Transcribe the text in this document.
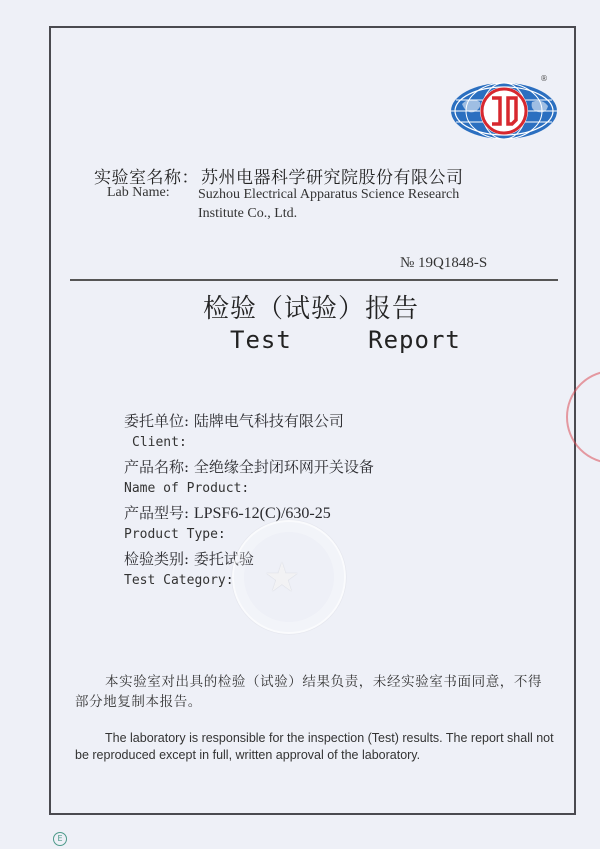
®
实验室名称： 苏州电器科学研究院股份有限公司
Lab Name: Suzhou Electrical Apparatus Science Research
Institute Co., Ltd.
№ 19Q1848-S
检验（试验）报告
Test   Report
委托单位: 陆牌电气科技有限公司
Client:
产品名称: 全绝缘全封闭环网开关设备
Name of Product:
产品型号: LPSF6-12(C)/630-25
Product Type:
检验类别: 委托试验
Test Category: ★
本实验室对出具的检验（试验）结果负责，未经实验室书面同意，不得部分地复制本报告。
The laboratory is responsible for the inspection (Test) results. The report shall not be reproduced except in full, written approval of the laboratory.
E
